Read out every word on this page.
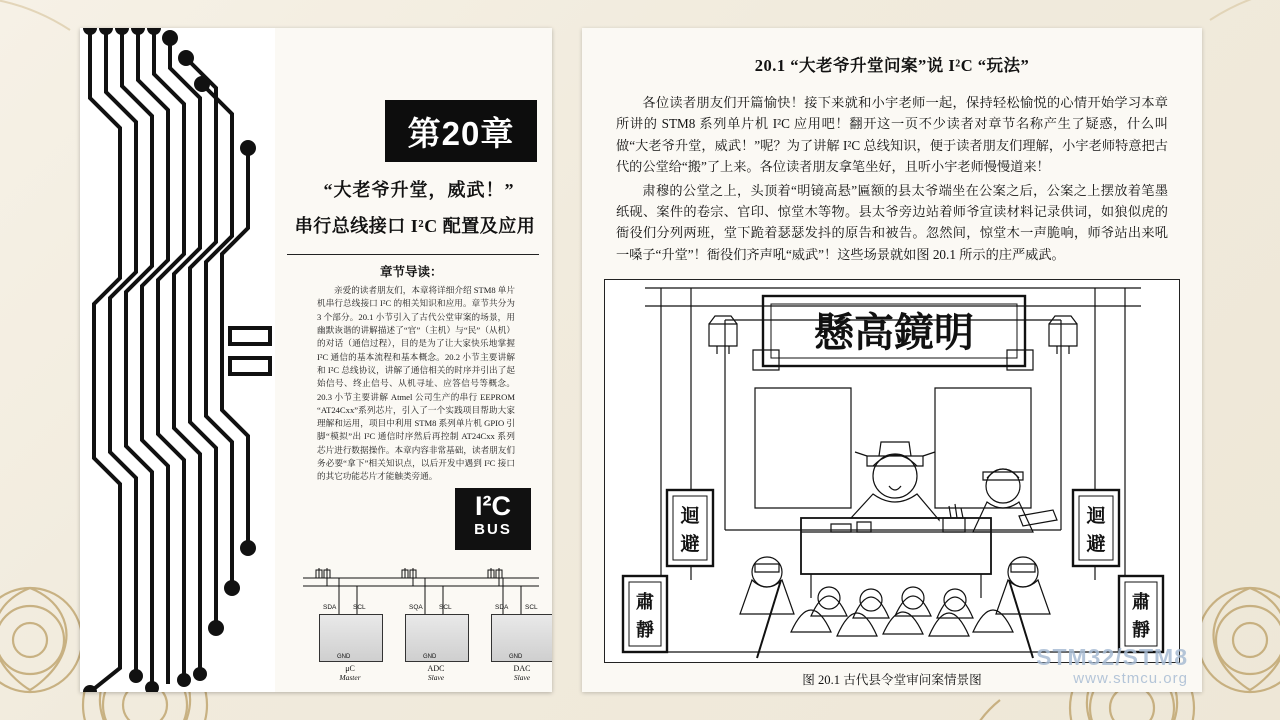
第20章
“大老爷升堂，威武！”
串行总线接口 I²C 配置及应用
章节导读：
亲爱的读者朋友们，本章将详细介绍 STM8 单片机串行总线接口 I²C 的相关知识和应用。章节共分为 3 个部分。20.1 小节引入了古代公堂审案的场景，用幽默诙谐的讲解描述了“官”（主机）与“民”（从机）的对话（通信过程），目的是为了让大家快乐地掌握 I²C 通信的基本流程和基本概念。20.2 小节主要讲解和 I²C 总线协议，讲解了通信相关的时序并引出了起始信号、终止信号、从机寻址、应答信号等概念。20.3 小节主要讲解 Atmel 公司生产的串行 EEPROM “AT24Cxx”系列芯片，引入了一个实践项目帮助大家理解和运用，项目中利用 STM8 系列单片机 GPIO 引脚“模拟”出 I²C 通信时序然后再控制 AT24Cxx 系列芯片进行数据操作。本章内容非常基础，读者朋友们务必要“拿下”相关知识点，以后开发中遇到 I²C 接口的其它功能芯片才能触类旁通。
I²C
BUS
SDA	SCL	SQA	SCL	SDA	SCL
GND	GND	GND
μC
Master
ADC
Slave
DAC
Slave
20.1 “大老爷升堂问案”说 I²C “玩法”

各位读者朋友们开篇愉快！接下来就和小宇老师一起，保持轻松愉悦的心情开始学习本章所讲的 STM8 系列单片机 I²C 应用吧！翻开这一页不少读者对章节名称产生了疑惑，什么叫做“大老爷升堂，威武！”呢？为了讲解 I²C 总线知识，便于读者朋友们理解，小宇老师特意把古代的公堂给“搬”了上来。各位读者朋友拿笔坐好，且听小宇老师慢慢道来！

肃穆的公堂之上，头顶着“明镜高悬”匾额的县太爷端坐在公案之后，公案之上摆放着笔墨纸砚、案件的卷宗、官印、惊堂木等物。县太爷旁边站着师爷宣读材料记录供词，如狼似虎的衙役们分列两班，堂下跪着瑟瑟发抖的原告和被告。忽然间，惊堂木一声脆响，师爷站出来吼一嗓子“升堂”！衙役们齐声吼“威武”！这些场景就如图 20.1 所示的庄严威武。

懸高鏡明
迴
避
迴
避
肅
靜
肅
靜
图 20.1 古代县令堂审问案情景图
STM32/STM8
www.stmcu.org
